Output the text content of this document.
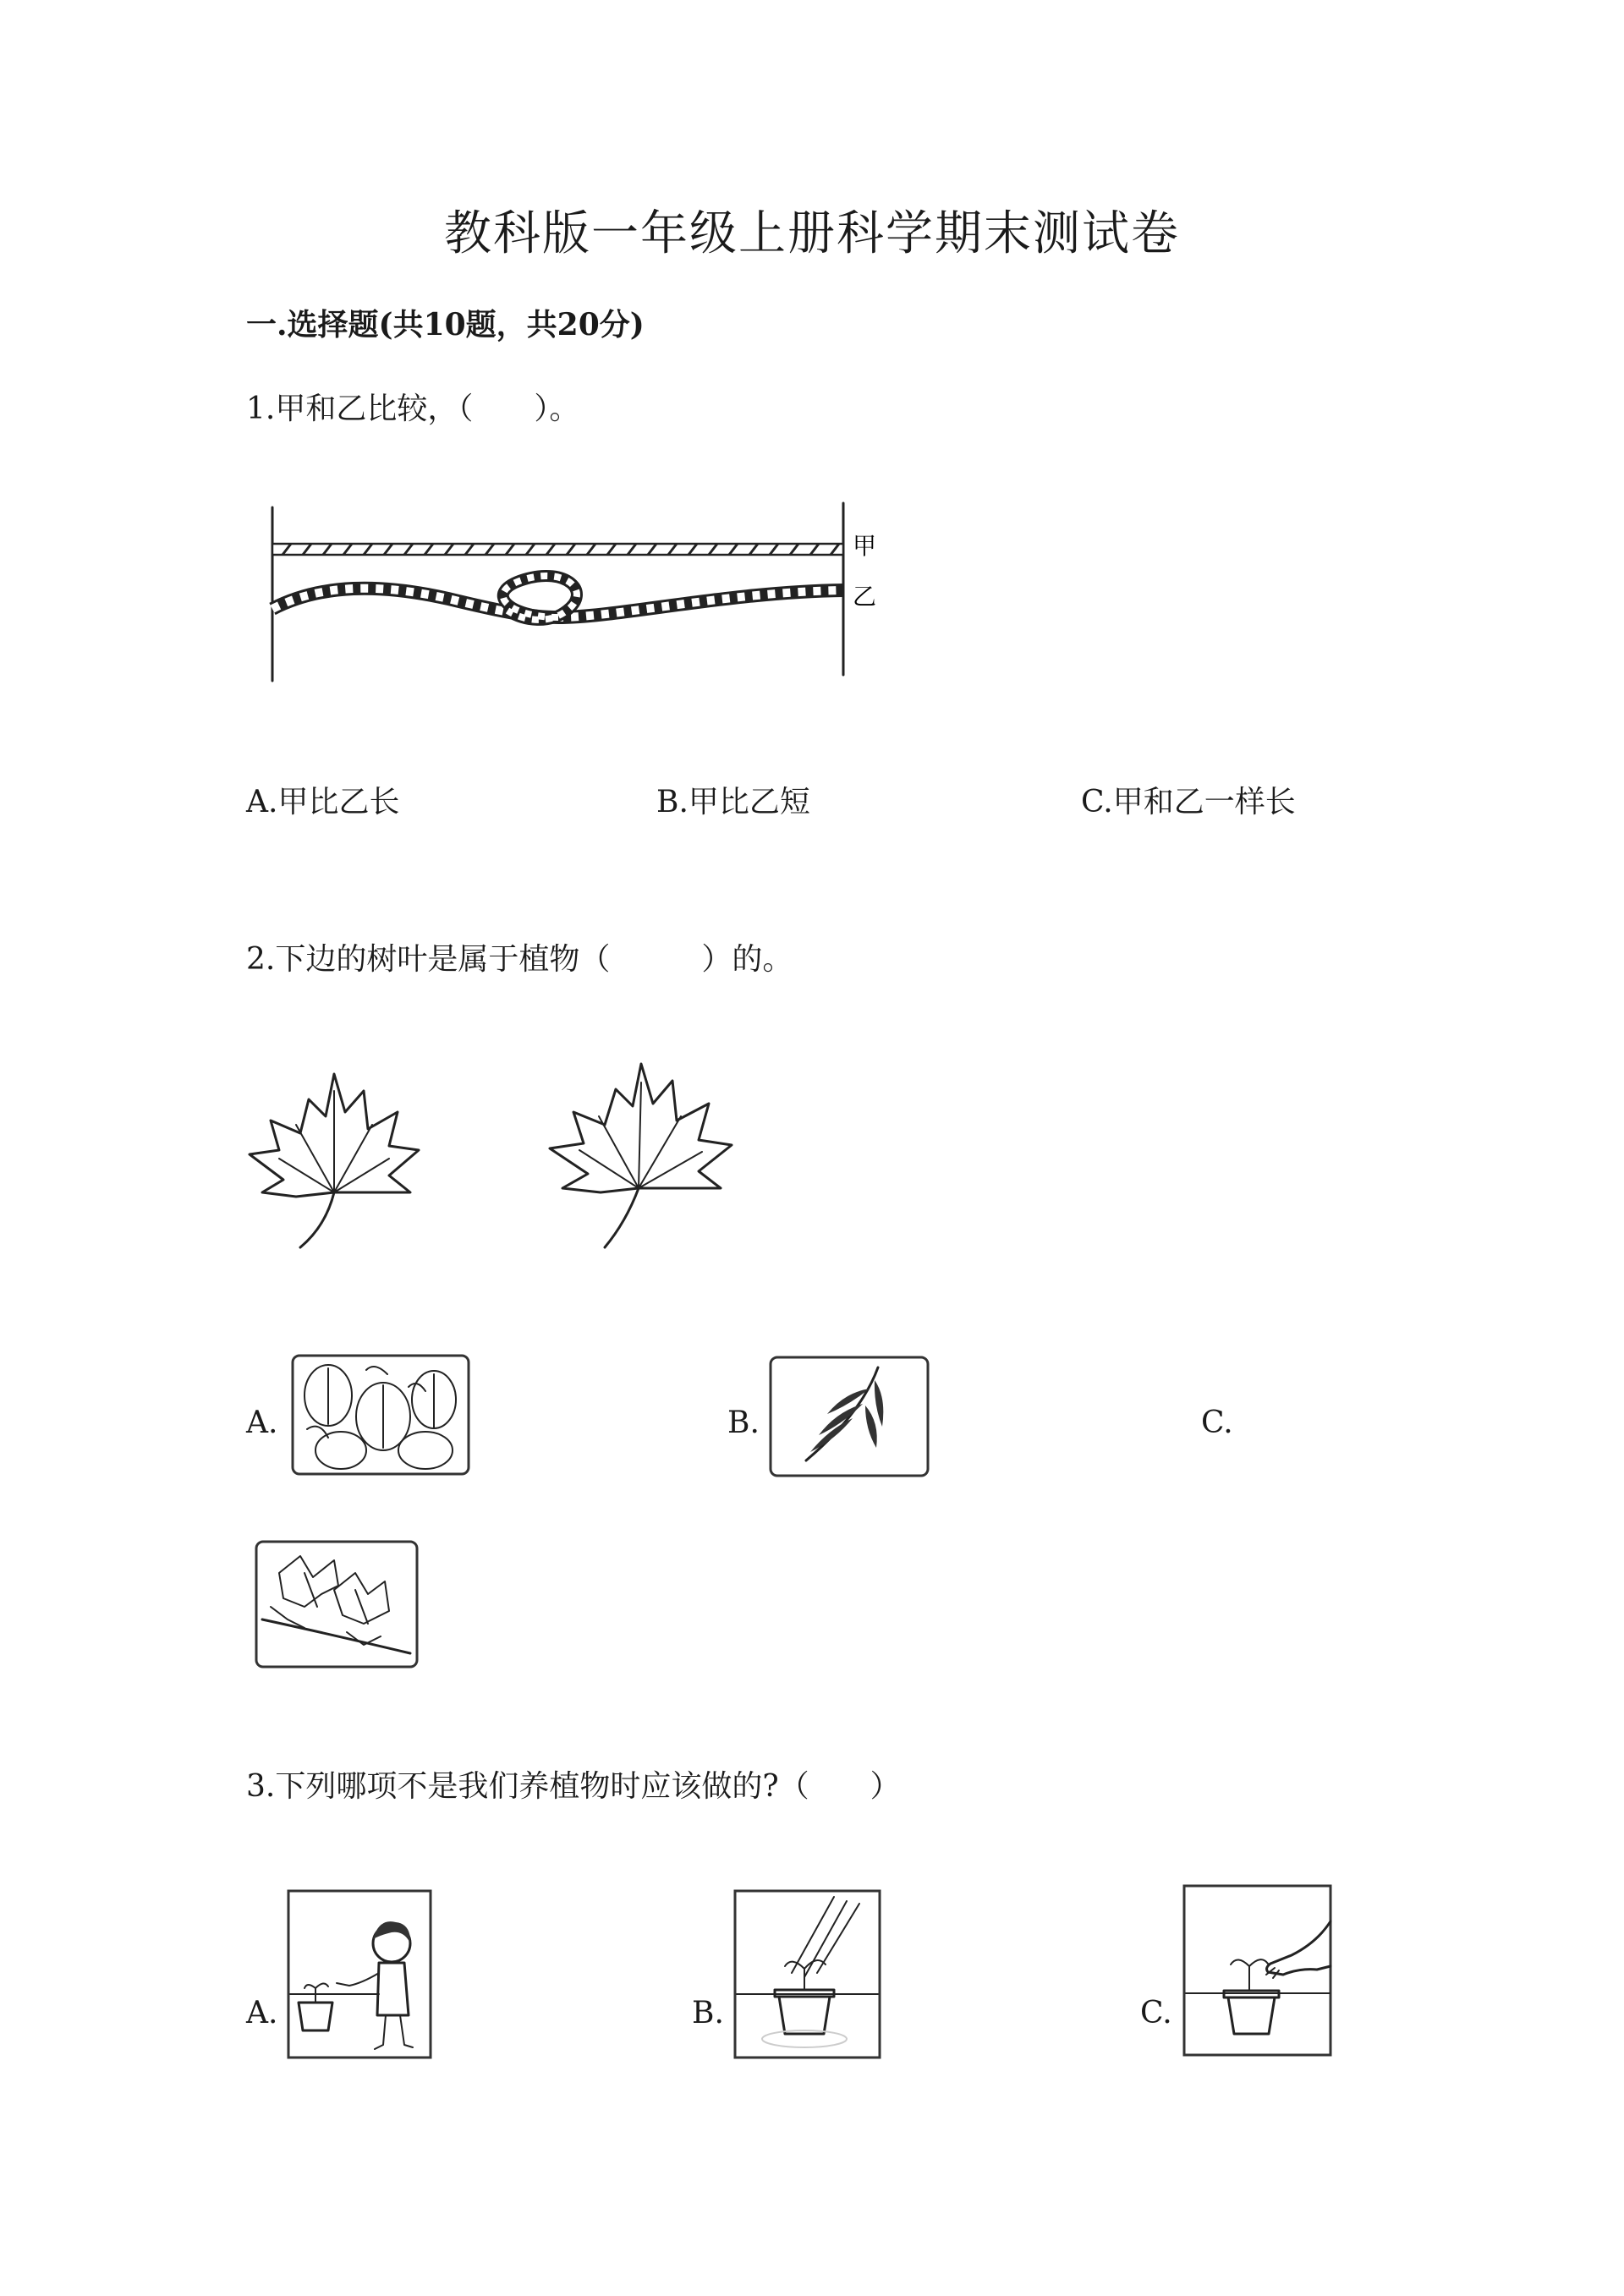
教科版一年级上册科学期末测试卷
一.选择题(共10题，共20分)
1.甲和乙比较，（　　）。
甲
乙
A.甲比乙长	B.甲比乙短	C.甲和乙一样长
2.下边的树叶是属于植物（　　　）的。
A.	B.	C.
3.下列哪项不是我们养植物时应该做的?（　　）
A.	B.	C.
